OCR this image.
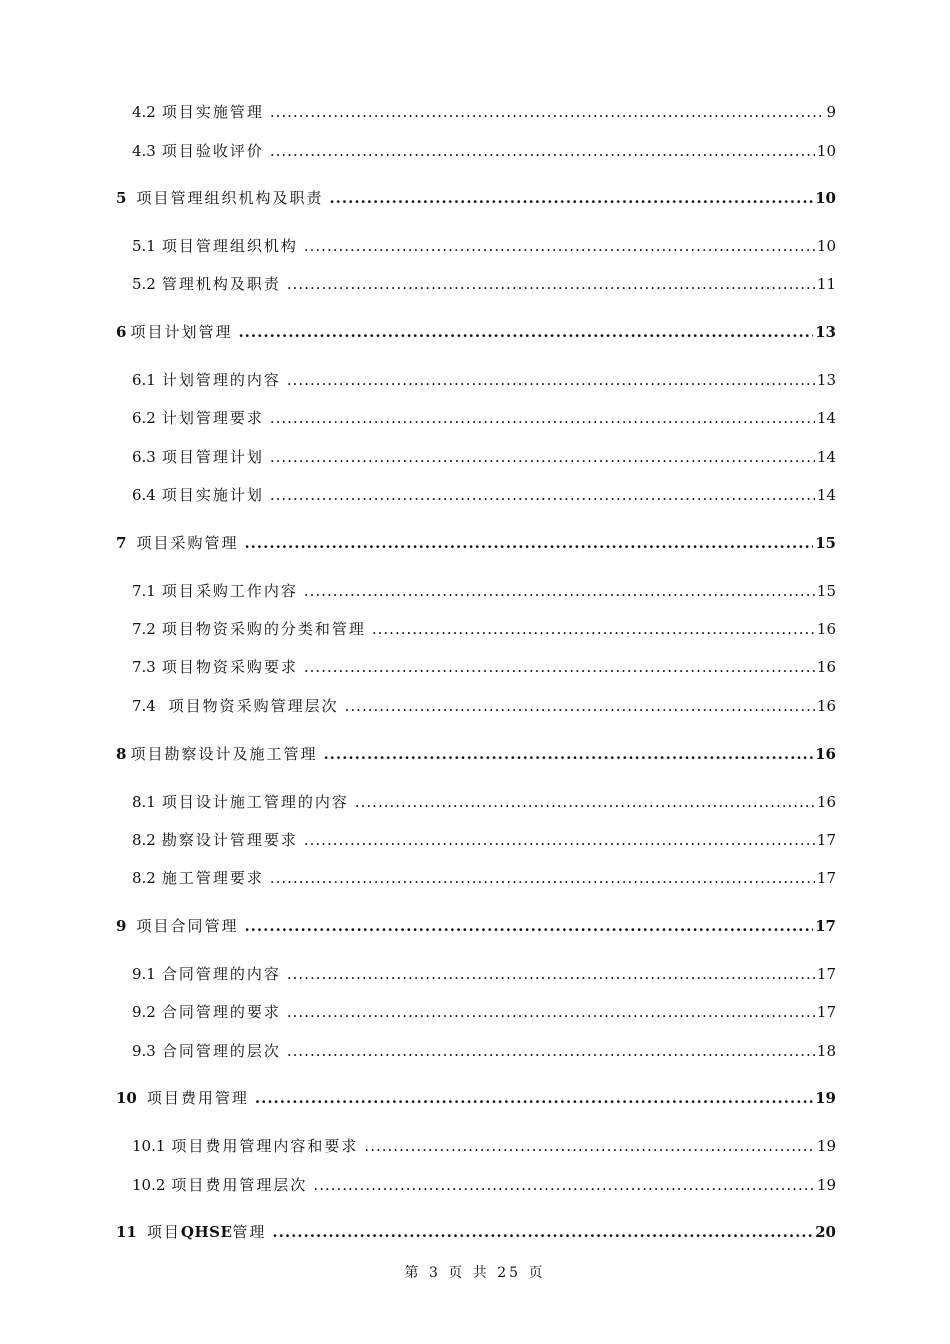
4.2 项目实施管理 .....	9
4.3 项目验收评价 .....	10
5 项目管理组织机构及职责 .....	10
5.1 项目管理组织机构 .....	10
5.2 管理机构及职责 .....	11
6 项目计划管理 .....	13
6.1 计划管理的内容 .....	13
6.2 计划管理要求 .....	14
6.3 项目管理计划 .....	14
6.4 项目实施计划 .....	14
7 项目采购管理 .....	15
7.1 项目采购工作内容 .....	15
7.2 项目物资采购的分类和管理 .....	16
7.3 项目物资采购要求 .....	16
7.4 项目物资采购管理层次 .....	16
8 项目勘察设计及施工管理 .....	16
8.1 项目设计施工管理的内容 .....	16
8.2 勘察设计管理要求 .....	17
8.2 施工管理要求 .....	17
9 项目合同管理 .....	17
9.1 合同管理的内容 .....	17
9.2 合同管理的要求 .....	17
9.3 合同管理的层次 .....	18
10 项目费用管理 .....	19
10.1 项目费用管理内容和要求 .....	19
10.2 项目费用管理层次 .....	19
11 项目QHSE管理 .....	20
第 3 页 共 25 页
